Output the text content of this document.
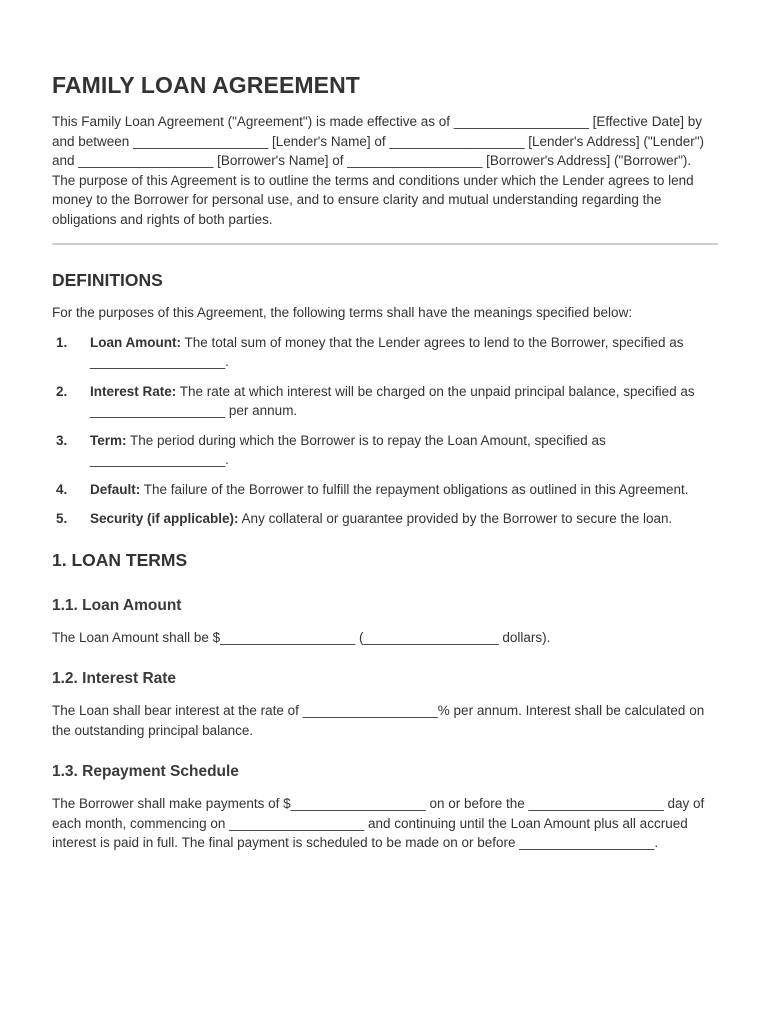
FAMILY LOAN AGREEMENT

This Family Loan Agreement ("Agreement") is made effective as of __________________ [Effective Date] by and between __________________ [Lender's Name] of __________________ [Lender's Address] ("Lender") and __________________ [Borrower's Name] of __________________ [Borrower's Address] ("Borrower"). The purpose of this Agreement is to outline the terms and conditions under which the Lender agrees to lend money to the Borrower for personal use, and to ensure clarity and mutual understanding regarding the obligations and rights of both parties.

DEFINITIONS

For the purposes of this Agreement, the following terms shall have the meanings specified below:

1.	Loan Amount: The total sum of money that the Lender agrees to lend to the Borrower, specified as __________________.
2.	Interest Rate: The rate at which interest will be charged on the unpaid principal balance, specified as __________________ per annum.
3.	Term: The period during which the Borrower is to repay the Loan Amount, specified as __________________.
4.	Default: The failure of the Borrower to fulfill the repayment obligations as outlined in this Agreement.
5.	Security (if applicable): Any collateral or guarantee provided by the Borrower to secure the loan.
1. LOAN TERMS
1.1. Loan Amount

The Loan Amount shall be $__________________ (__________________ dollars).

1.2. Interest Rate

The Loan shall bear interest at the rate of __________________% per annum. Interest shall be calculated on the outstanding principal balance.

1.3. Repayment Schedule

The Borrower shall make payments of $__________________ on or before the __________________ day of each month, commencing on __________________ and continuing until the Loan Amount plus all accrued interest is paid in full. The final payment is scheduled to be made on or before __________________.
